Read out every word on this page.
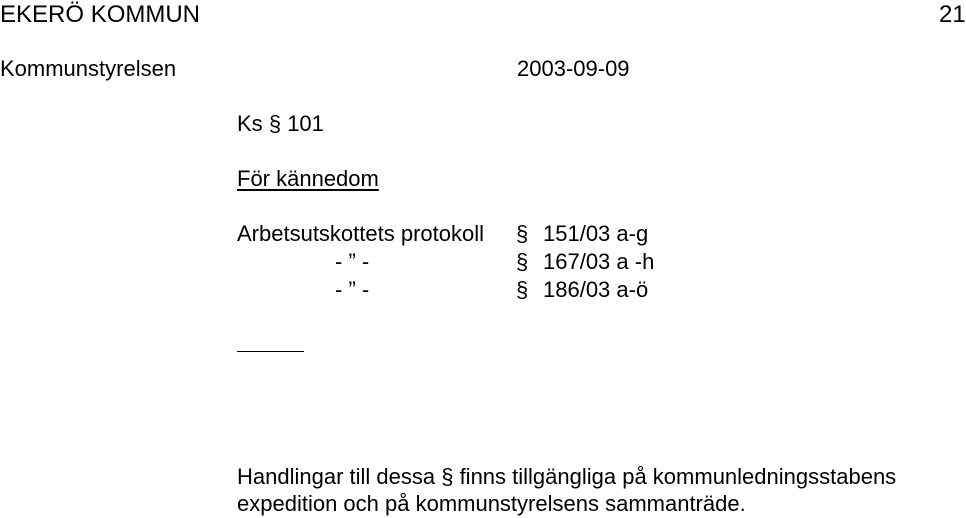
EKERÖ KOMMUN	21
Kommunstyrelsen	2003-09-09
Ks § 101
För kännedom
Arbetsutskottets protokoll § 151/03 a-g
- ” -	§ 167/03 a -h
- ” -	§ 186/03 a-ö
Handlingar till dessa § finns tillgängliga på kommunledningsstabens
expedition och på kommunstyrelsens sammanträde.
